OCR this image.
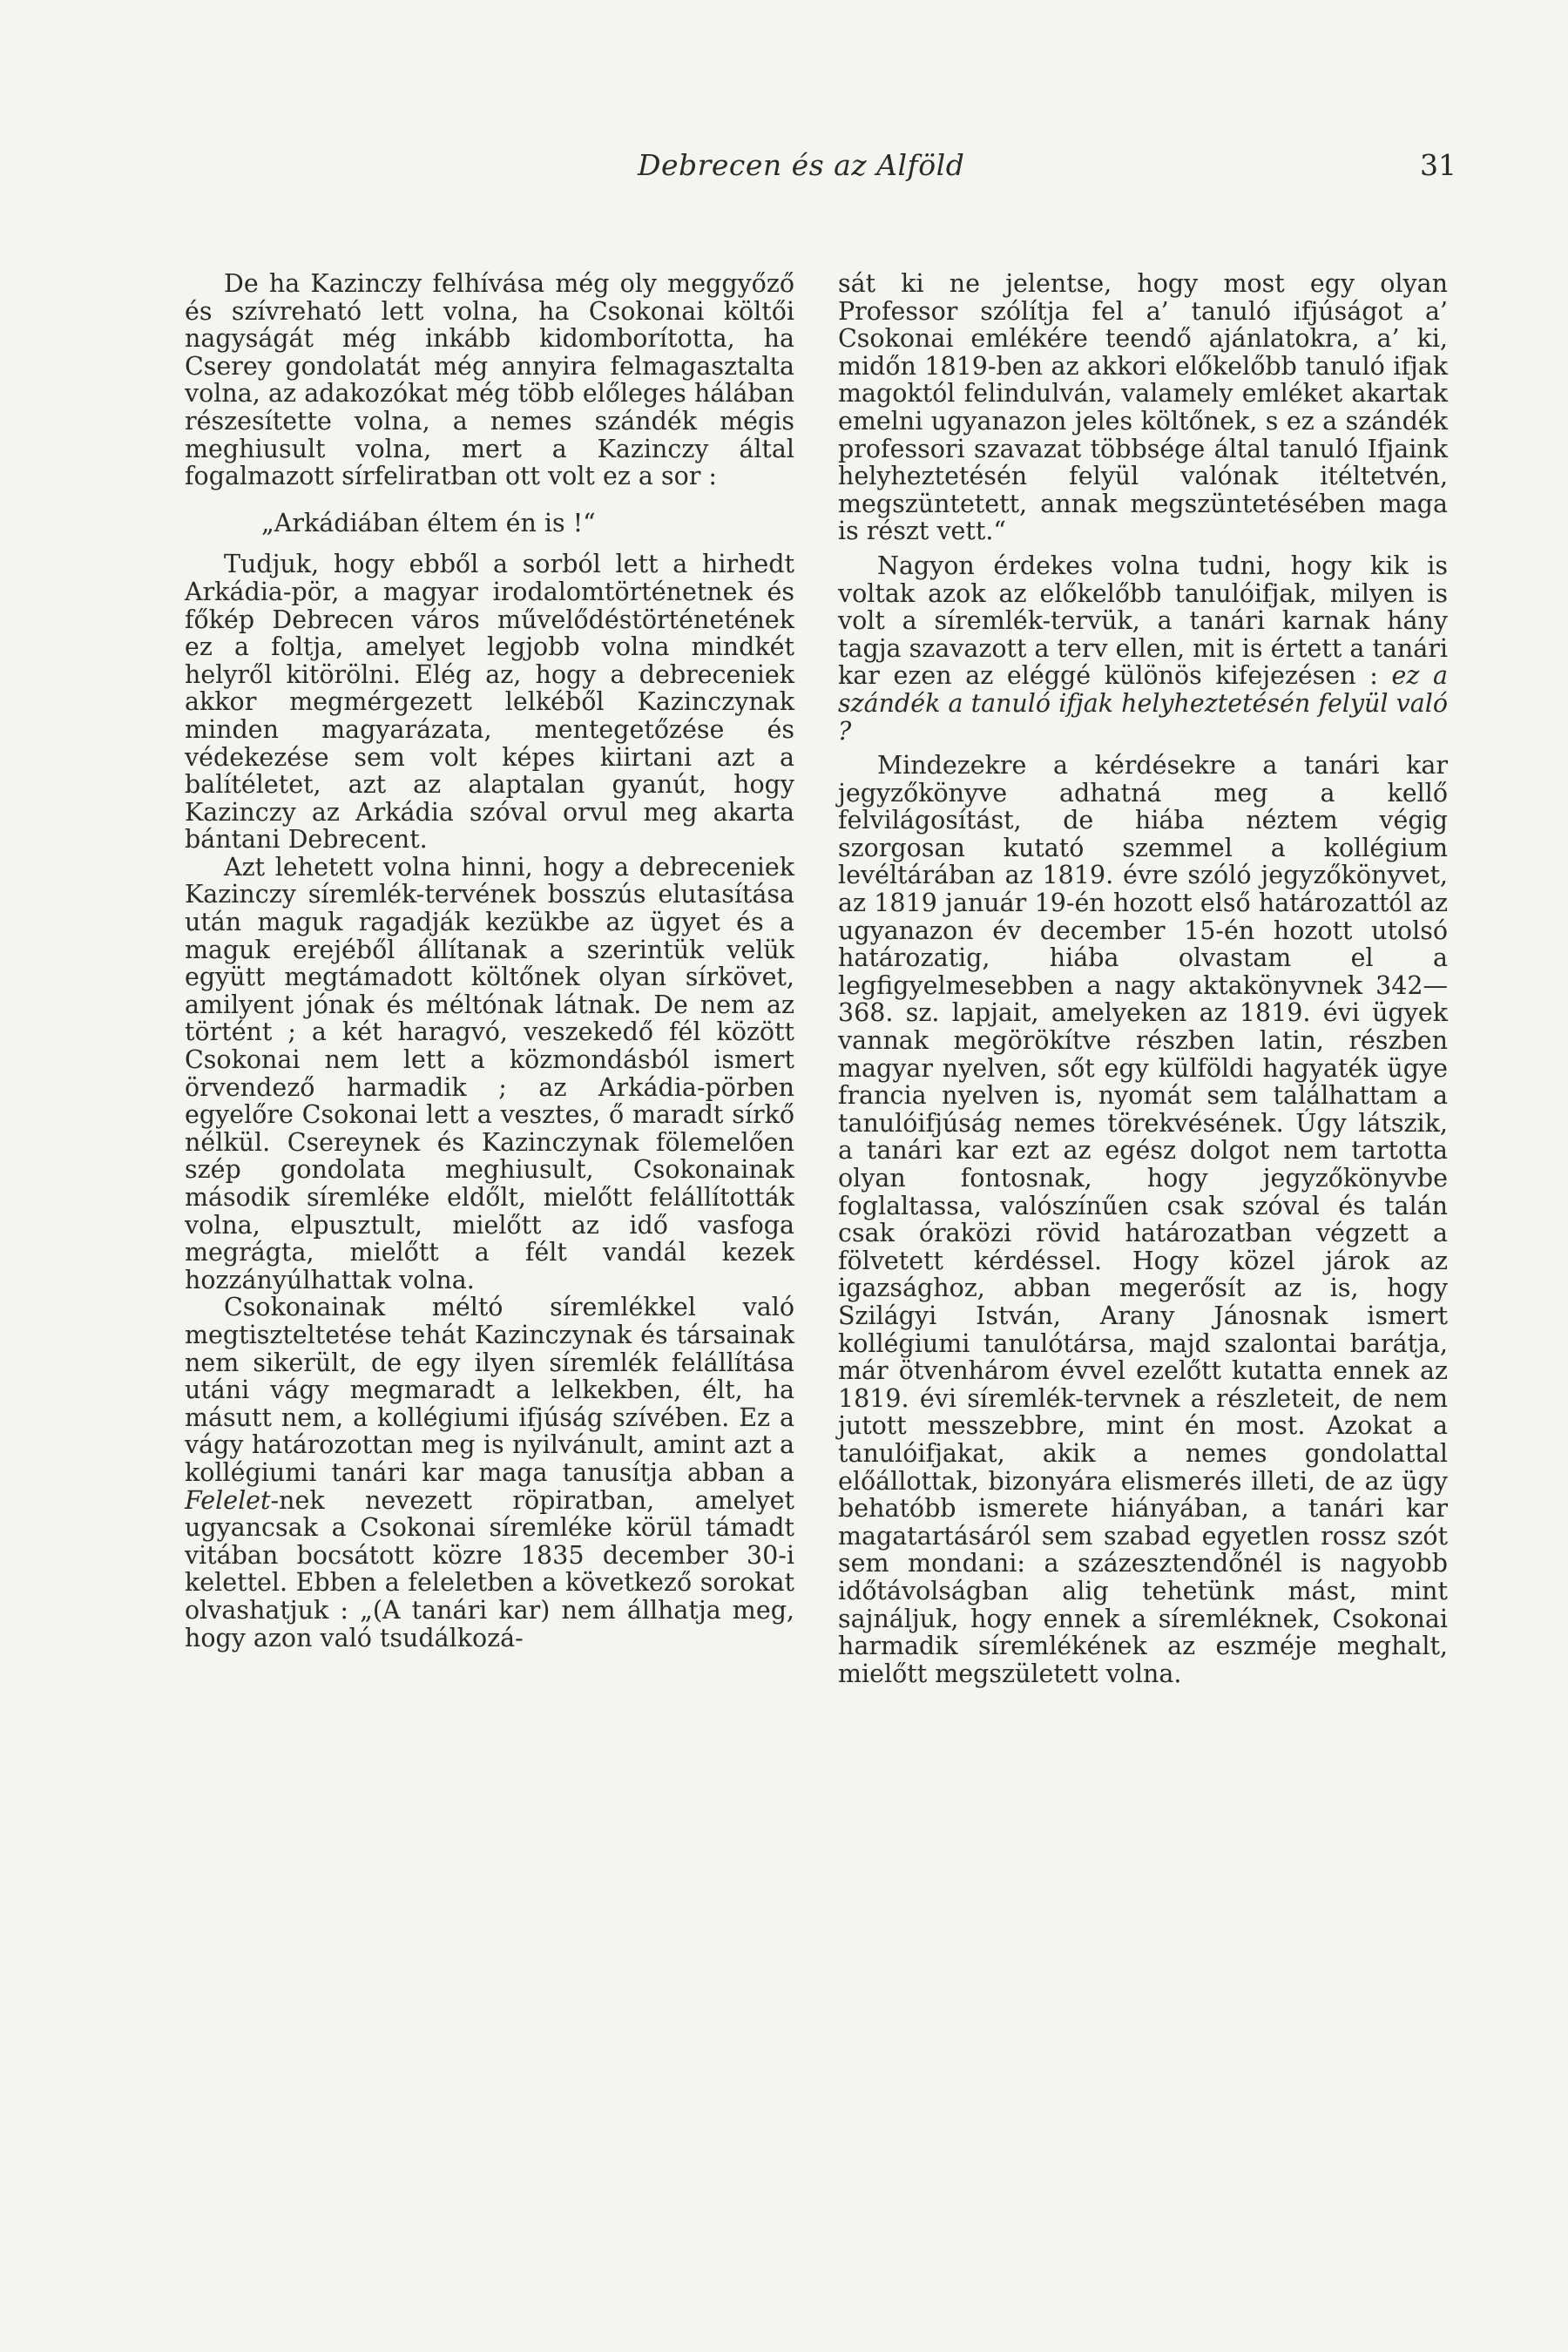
Debrecen és az Alföld	31

De ha Kazinczy felhívása még oly meggyőző és szívreható lett volna, ha Csokonai költői nagyságát még inkább kidomborította, ha Cserey gondolatát még annyira felmagasztalta volna, az adakozókat még több előleges hálában részesítette volna, a nemes szándék mégis meghiusult volna, mert a Kazinczy által fogalmazott sírfeliratban ott volt ez a sor :

„Arkádiában éltem én is !“

Tudjuk, hogy ebből a sorból lett a hirhedt Arkádia-pör, a magyar irodalomtörténetnek és főkép Debrecen város művelődéstörténetének ez a foltja, amelyet legjobb volna mindkét helyről kitörölni. Elég az, hogy a debreceniek akkor megmérgezett lelkéből Kazinczynak minden magyarázata, mentegetőzése és védekezése sem volt képes kiirtani azt a balítéletet, azt az alaptalan gyanút, hogy Kazinczy az Arkádia szóval orvul meg akarta bántani Debrecent.

Azt lehetett volna hinni, hogy a debreceniek Kazinczy síremlék-tervének bosszús elutasítása után maguk ragadják kezükbe az ügyet és a maguk erejéből állítanak a szerintük velük együtt megtámadott költőnek olyan sírkövet, amilyent jónak és méltónak látnak. De nem az történt ; a két haragvó, veszekedő fél között Csokonai nem lett a közmondásból ismert örvendező harmadik ; az Arkádia-pörben egyelőre Csokonai lett a vesztes, ő maradt sírkő nélkül. Csereynek és Kazinczynak fölemelően szép gondolata meghiusult, Csokonainak második síremléke eldőlt, mielőtt felállították volna, elpusztult, mielőtt az idő vasfoga megrágta, mielőtt a félt vandál kezek hozzányúlhattak volna.

Csokonainak méltó síremlékkel való megtiszteltetése tehát Kazinczynak és társainak nem sikerült, de egy ilyen síremlék felállítása utáni vágy megmaradt a lelkekben, élt, ha másutt nem, a kollégiumi ifjúság szívében. Ez a vágy határozottan meg is nyilvánult, amint azt a kollégiumi tanári kar maga tanusítja abban a Felelet-nek nevezett röpiratban, amelyet ugyancsak a Csokonai síremléke körül támadt vitában bocsátott közre 1835 december 30-i kelettel. Ebben a feleletben a következő sorokat olvashatjuk : „(A tanári kar) nem állhatja meg, hogy azon való tsudálkozá-

sát ki ne jelentse, hogy most egy olyan Professor szólítja fel a’ tanuló ifjúságot a’ Csokonai emlékére teendő ajánlatokra, a’ ki, midőn 1819-ben az akkori előkelőbb tanuló ifjak magoktól felindulván, valamely emléket akartak emelni ugyanazon jeles költőnek, s ez a szándék professori szavazat többsége által tanuló Ifjaink helyheztetésén felyül valónak itéltetvén, megszüntetett, annak megszüntetésében maga is részt vett.“

Nagyon érdekes volna tudni, hogy kik is voltak azok az előkelőbb tanulóifjak, milyen is volt a síremlék-tervük, a tanári karnak hány tagja szavazott a terv ellen, mit is értett a tanári kar ezen az eléggé különös kifejezésen : ez a szándék a tanuló ifjak helyheztetésén felyül való ?

Mindezekre a kérdésekre a tanári kar jegyzőkönyve adhatná meg a kellő felvilágosítást, de hiába néztem végig szorgosan kutató szemmel a kollégium levéltárában az 1819. évre szóló jegyzőkönyvet, az 1819 január 19-én hozott első határozattól az ugyanazon év december 15-én hozott utolsó határozatig, hiába olvastam el a legfigyelmesebben a nagy aktakönyvnek 342—368. sz. lapjait, amelyeken az 1819. évi ügyek vannak megörökítve részben latin, részben magyar nyelven, sőt egy külföldi hagyaték ügye francia nyelven is, nyomát sem találhattam a tanulóifjúság nemes törekvésének. Úgy látszik, a tanári kar ezt az egész dolgot nem tartotta olyan fontosnak, hogy jegyzőkönyvbe foglaltassa, valószínűen csak szóval és talán csak óraközi rövid határozatban végzett a fölvetett kérdéssel. Hogy közel járok az igazsághoz, abban megerősít az is, hogy Szilágyi István, Arany Jánosnak ismert kollégiumi tanulótársa, majd szalontai barátja, már ötvenhárom évvel ezelőtt kutatta ennek az 1819. évi síremlék-tervnek a részleteit, de nem jutott messzebbre, mint én most. Azokat a tanulóifjakat, akik a nemes gondolattal előállottak, bizonyára elismerés illeti, de az ügy behatóbb ismerete hiányában, a tanári kar magatartásáról sem szabad egyetlen rossz szót sem mondani: a százesztendőnél is nagyobb időtávolságban alig tehetünk mást, mint sajnáljuk, hogy ennek a síremléknek, Csokonai harmadik síremlékének az eszméje meghalt, mielőtt megszületett volna.
